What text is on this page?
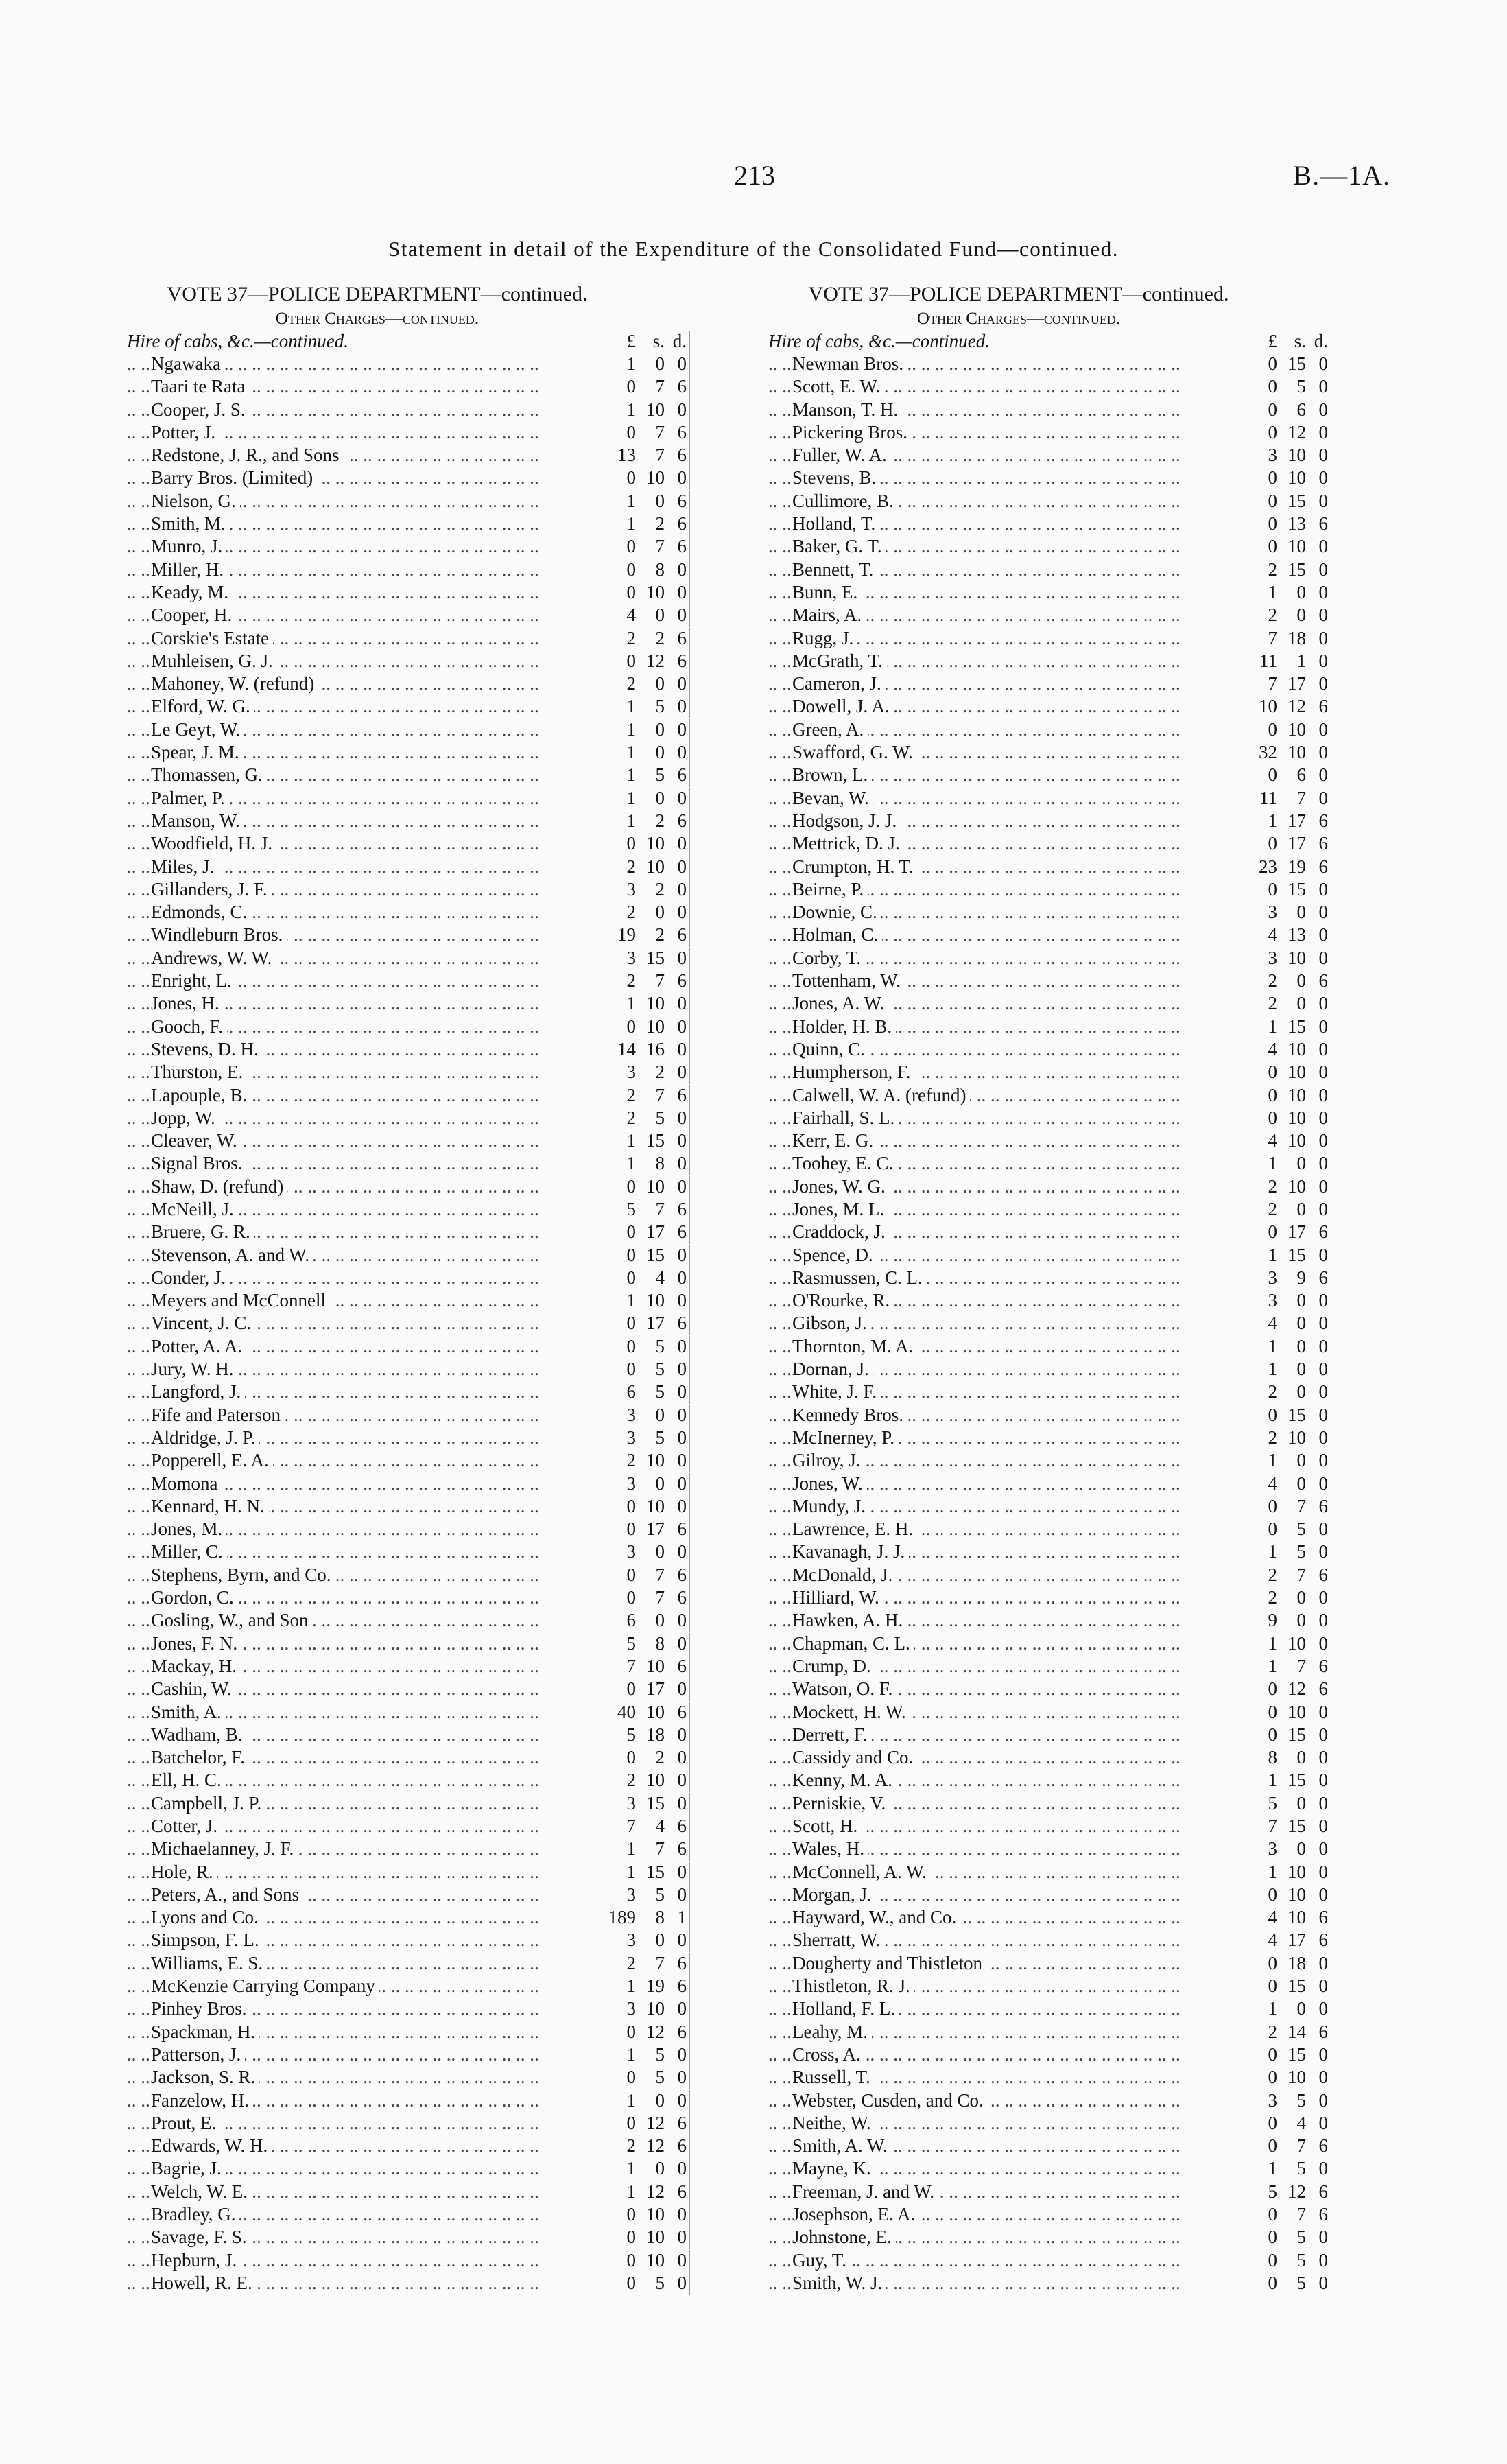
213	B.—1A.
Statement in detail of the Expenditure of the Consolidated Fund—continued.
VOTE 37—POLICE DEPARTMENT—continued.
Other Charges—continued.
Hire of cabs, &c.—continued.	£ s. d.
..
Ngawaka	1	0 0
..
Taari te Rata	0	7 6
..
Cooper, J. S.	1 10 0
..
Potter, J.	0	7 6
..
Redstone, J. R., and Sons	13	7 6
..
Barry Bros. (Limited)	0 10 0
..
Nielson, G.	1	0 6
..
Smith, M.	1	2 6
..
Munro, J.	0	7 6
..
Miller, H.	0	8 0
..
Keady, M.	0 10 0
..
Cooper, H.	4	0 0
..
Corskie's Estate	2	2 6
..
Muhleisen, G. J.	0 12 6
..
Mahoney, W. (refund)	2	0 0
..
Elford, W. G.	1	5 0
..
Le Geyt, W.	1	0 0
..
Spear, J. M.	1	0 0
..
Thomassen, G.	1	5 6
..
Palmer, P.	1	0 0
..
Manson, W.	1	2 6
..
Woodfield, H. J.	0 10 0
..
Miles, J.	2 10 0
..
Gillanders, J. F.	3	2 0
..
Edmonds, C.	2	0 0
..
Windleburn Bros.	19	2 6
..
Andrews, W. W.	3 15 0
..
Enright, L.	2	7 6
..
Jones, H.	1 10 0
..
Gooch, F.	0 10 0
..
Stevens, D. H.	14 16 0
..
Thurston, E.	3	2 0
..
Lapouple, B.	2	7 6
..
Jopp, W.	2	5 0
..
Cleaver, W.	1 15 0
..
Signal Bros.	1	8 0
..
Shaw, D. (refund)	0 10 0
..
McNeill, J.	5	7 6
..
Bruere, G. R.	0 17 6
..
Stevenson, A. and W.	0 15 0
..
Conder, J.	0	4 0
..
Meyers and McConnell	1 10 0
..
Vincent, J. C.	0 17 6
..
Potter, A. A.	0	5 0
..
Jury, W. H.	0	5 0
..
Langford, J.	6	5 0
..
Fife and Paterson	3	0 0
..
Aldridge, J. P.	3	5 0
..
Popperell, E. A.	2 10 0
..
Momona	3	0 0
..
Kennard, H. N.	0 10 0
..
Jones, M.	0 17 6
..
Miller, C.	3	0 0
..
Stephens, Byrn, and Co.	0	7 6
..
Gordon, C.	0	7 6
..
Gosling, W., and Son	6	0 0
..
Jones, F. N.	5	8 0
..
Mackay, H.	7 10 6
..
Cashin, W.	0 17 0
..
Smith, A.	40 10 6
..
Wadham, B.	5 18 0
..
Batchelor, F.	0	2 0
..
Ell, H. C.	2 10 0
..
Campbell, J. P.	3 15 0
..
Cotter, J.	7	4 6
..
Michaelanney, J. F.	1	7 6
..
Hole, R.	1 15 0
..
Peters, A., and Sons	3	5 0
..
Lyons and Co.	189	8 1
..
Simpson, F. L.	3	0 0
..
Williams, E. S.	2	7 6
..
McKenzie Carrying Company	1 19 6
..
Pinhey Bros.	3 10 0
..
Spackman, H.	0 12 6
..
Patterson, J.	1	5 0
..
Jackson, S. R.	0	5 0
..
Fanzelow, H.	1	0 0
..
Prout, E.	0 12 6
..
Edwards, W. H.	2 12 6
..
Bagrie, J.	1	0 0
..
Welch, W. E.	1 12 6
..
Bradley, G.	0 10 0
..
Savage, F. S.	0 10 0
..
Hepburn, J.	0 10 0
..
Howell, R. E.	0	5 0
VOTE 37—POLICE DEPARTMENT—continued.
Other Charges—continued.
Hire of cabs, &c.—continued.	£ s. d.
..
Newman Bros.	0 15 0
..
Scott, E. W.	0	5 0
..
Manson, T. H.	0	6 0
..
Pickering Bros.	0 12 0
..
Fuller, W. A.	3 10 0
..
Stevens, B.	0 10 0
..
Cullimore, B.	0 15 0
..
Holland, T.	0 13 6
..
Baker, G. T.	0 10 0
..
Bennett, T.	2 15 0
..
Bunn, E.	1	0 0
..
Mairs, A.	2	0 0
..
Rugg, J.	7 18 0
..
McGrath, T.	11	1 0
..
Cameron, J.	7 17 0
..
Dowell, J. A.	10 12 6
..
Green, A.	0 10 0
..
Swafford, G. W.	32 10 0
..
Brown, L.	0	6 0
..
Bevan, W.	11	7 0
..
Hodgson, J. J.	1 17 6
..
Mettrick, D. J.	0 17 6
..
Crumpton, H. T.	23 19 6
..
Beirne, P.	0 15 0
..
Downie, C.	3	0 0
..
Holman, C.	4 13 0
..
Corby, T.	3 10 0
..
Tottenham, W.	2	0 6
..
Jones, A. W.	2	0 0
..
Holder, H. B.	1 15 0
..
Quinn, C.	4 10 0
..
Humpherson, F.	0 10 0
..
Calwell, W. A. (refund)	0 10 0
..
Fairhall, S. L.	0 10 0
..
Kerr, E. G.	4 10 0
..
Toohey, E. C.	1	0 0
..
Jones, W. G.	2 10 0
..
Jones, M. L.	2	0 0
..
Craddock, J.	0 17 6
..
Spence, D.	1 15 0
..
Rasmussen, C. L.	3	9 6
..
O'Rourke, R.	3	0 0
..
Gibson, J.	4	0 0
..
Thornton, M. A.	1	0 0
..
Dornan, J.	1	0 0
..
White, J. F.	2	0 0
..
Kennedy Bros.	0 15 0
..
McInerney, P.	2 10 0
..
Gilroy, J.	1	0 0
..
Jones, W.	4	0 0
..
Mundy, J.	0	7 6
..
Lawrence, E. H.	0	5 0
..
Kavanagh, J. J.	1	5 0
..
McDonald, J.	2	7 6
..
Hilliard, W.	2	0 0
..
Hawken, A. H.	9	0 0
..
Chapman, C. L.	1 10 0
..
Crump, D.	1	7 6
..
Watson, O. F.	0 12 6
..
Mockett, H. W.	0 10 0
..
Derrett, F.	0 15 0
..
Cassidy and Co.	8	0 0
..
Kenny, M. A.	1 15 0
..
Perniskie, V.	5	0 0
..
Scott, H.	7 15 0
..
Wales, H.	3	0 0
..
McConnell, A. W.	1 10 0
..
Morgan, J.	0 10 0
..
Hayward, W., and Co.	4 10 6
..
Sherratt, W.	4 17 6
..
Dougherty and Thistleton	0 18 0
..
Thistleton, R. J.	0 15 0
..
Holland, F. L.	1	0 0
..
Leahy, M.	2 14 6
..
Cross, A.	0 15 0
..
Russell, T.	0 10 0
..
Webster, Cusden, and Co.	3	5 0
..
Neithe, W.	0	4 0
..
Smith, A. W.	0	7 6
..
Mayne, K.	1	5 0
..
Freeman, J. and W.	5 12 6
..
Josephson, E. A.	0	7 6
..
Johnstone, E.	0	5 0
..
Guy, T.	0	5 0
..
Smith, W. J.	0	5 0
